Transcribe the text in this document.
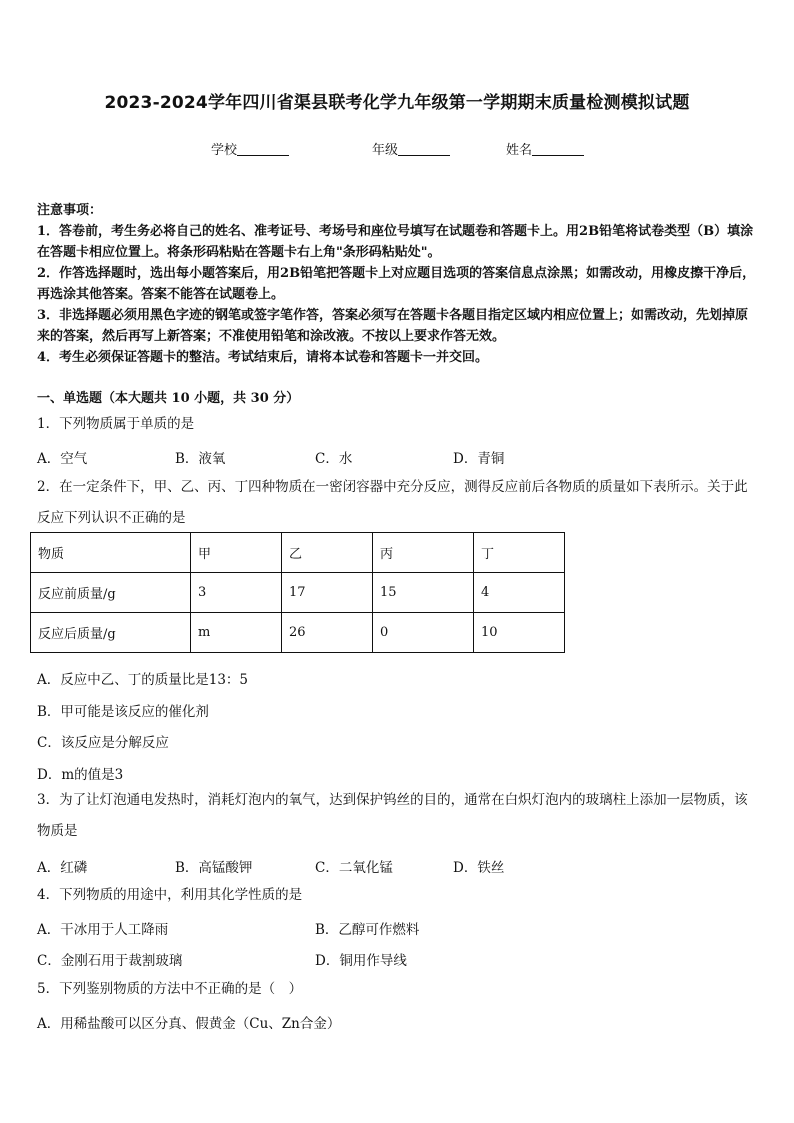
2023-2024学年四川省渠县联考化学九年级第一学期期末质量检测模拟试题
学校	年级	姓名

注意事项：

1．答卷前，考生务必将自己的姓名、准考证号、考场号和座位号填写在试题卷和答题卡上。用2B铅笔将试卷类型（B）填涂在答题卡相应位置上。将条形码粘贴在答题卡右上角"条形码粘贴处"。

2．作答选择题时，选出每小题答案后，用2B铅笔把答题卡上对应题目选项的答案信息点涂黑；如需改动，用橡皮擦干净后，再选涂其他答案。答案不能答在试题卷上。

3．非选择题必须用黑色字迹的钢笔或签字笔作答，答案必须写在答题卡各题目指定区域内相应位置上；如需改动，先划掉原来的答案，然后再写上新答案；不准使用铅笔和涂改液。不按以上要求作答无效。

4．考生必须保证答题卡的整洁。考试结束后，请将本试卷和答题卡一并交回。

一、单选题（本大题共 10 小题，共 30 分）
1．下列物质属于单质的是
A．空气	B．液氧	C．水	D．青铜
2．在一定条件下，甲、乙、丙、丁四种物质在一密闭容器中充分反应，测得反应前后各物质的质量如下表所示。关于此反应下列认识不正确的是
物质	甲	乙	丙	丁
反应前质量/g	3	17	15	4
反应后质量/g	m	26	0	10
A．反应中乙、丁的质量比是13：5
B．甲可能是该反应的催化剂
C．该反应是分解反应
D．m的值是3
3．为了让灯泡通电发热时，消耗灯泡内的氧气，达到保护钨丝的目的，通常在白炽灯泡内的玻璃柱上添加一层物质，该物质是
A．红磷	B．高锰酸钾	C．二氧化锰	D．铁丝
4．下列物质的用途中，利用其化学性质的是
A．干冰用于人工降雨	B．乙醇可作燃料
C．金刚石用于裁割玻璃	D．铜用作导线
5．下列鉴别物质的方法中不正确的是（　）
A．用稀盐酸可以区分真、假黄金（Cu、Zn合金）
